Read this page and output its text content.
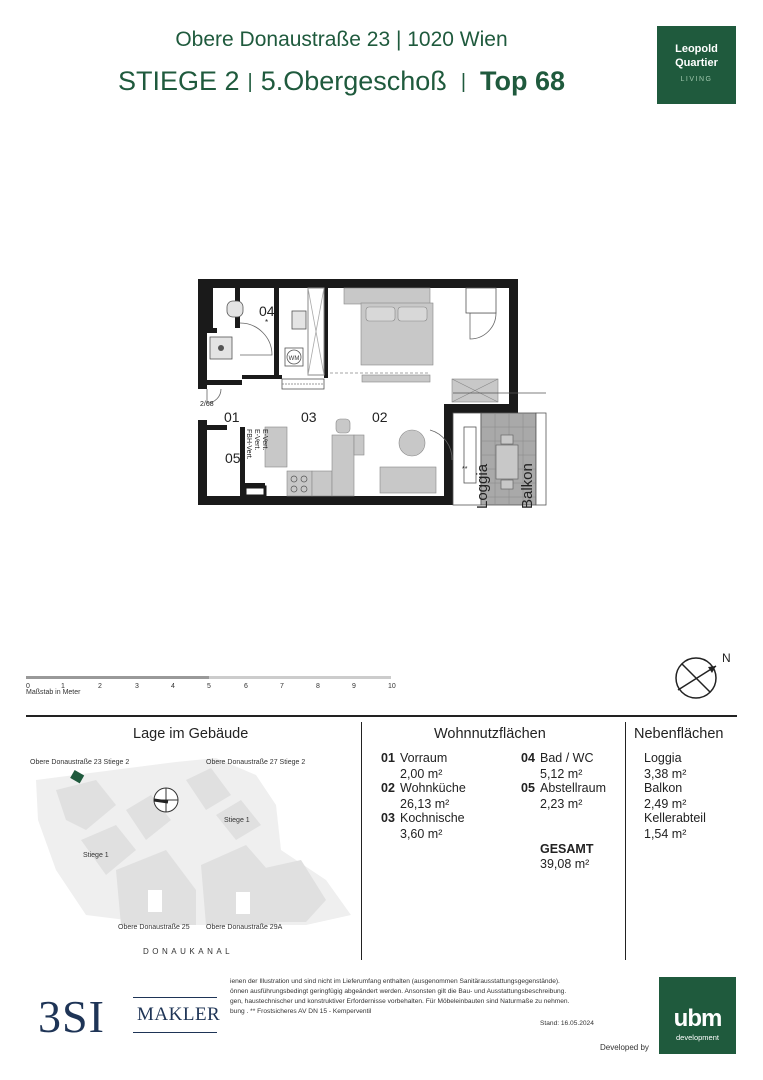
Obere Donaustraße 23 | 1020 Wien
STIEGE 2 | 5.Obergeschoß | Top 68
Leopold
Quartier
LIVING
WM
2/68
01	02
03
04
*
05
**
E-Vert.
FBH-Vert. E-Vert.
Loggia Balkon
0	1	2	3	4	5	6	7	8	9	10
Maßstab in Meter
N
Lage im Gebäude	Wohnnutzflächen	Nebenflächen
Obere Donaustraße 23 Stiege 2	Obere Donaustraße 27 Stiege 2
Stiege 1
Stiege 1
Obere Donaustraße 25 Obere Donaustraße 29A
DONAUKANAL
01 Vorraum
2,00 m²
02 Wohnküche
26,13 m²
03 Kochnische
3,60 m²
04 Bad / WC
5,12 m²
05 Abstellraum
2,23 m²
GESAMT
39,08 m²
Loggia
3,38 m²
Balkon
2,49 m²
Kellerabteil
1,54 m²
3SI MAKLER
ienen der Illustration und sind nicht im Lieferumfang enthalten (ausgenommen Sanitärausstattungsgegenstände).
önnen ausführungsbedingt geringfügig abgeändert werden. Ansonsten gilt die Bau- und Ausstattungsbeschreibung.
gen, haustechnischer und konstruktiver Erfordernisse vorbehalten. Für Möbeleinbauten sind Naturmaße zu nehmen.
bung . ** Frostsicheres AV DN 15 - Kemperventil
Stand: 16.05.2024
Developed by
ubm
development
